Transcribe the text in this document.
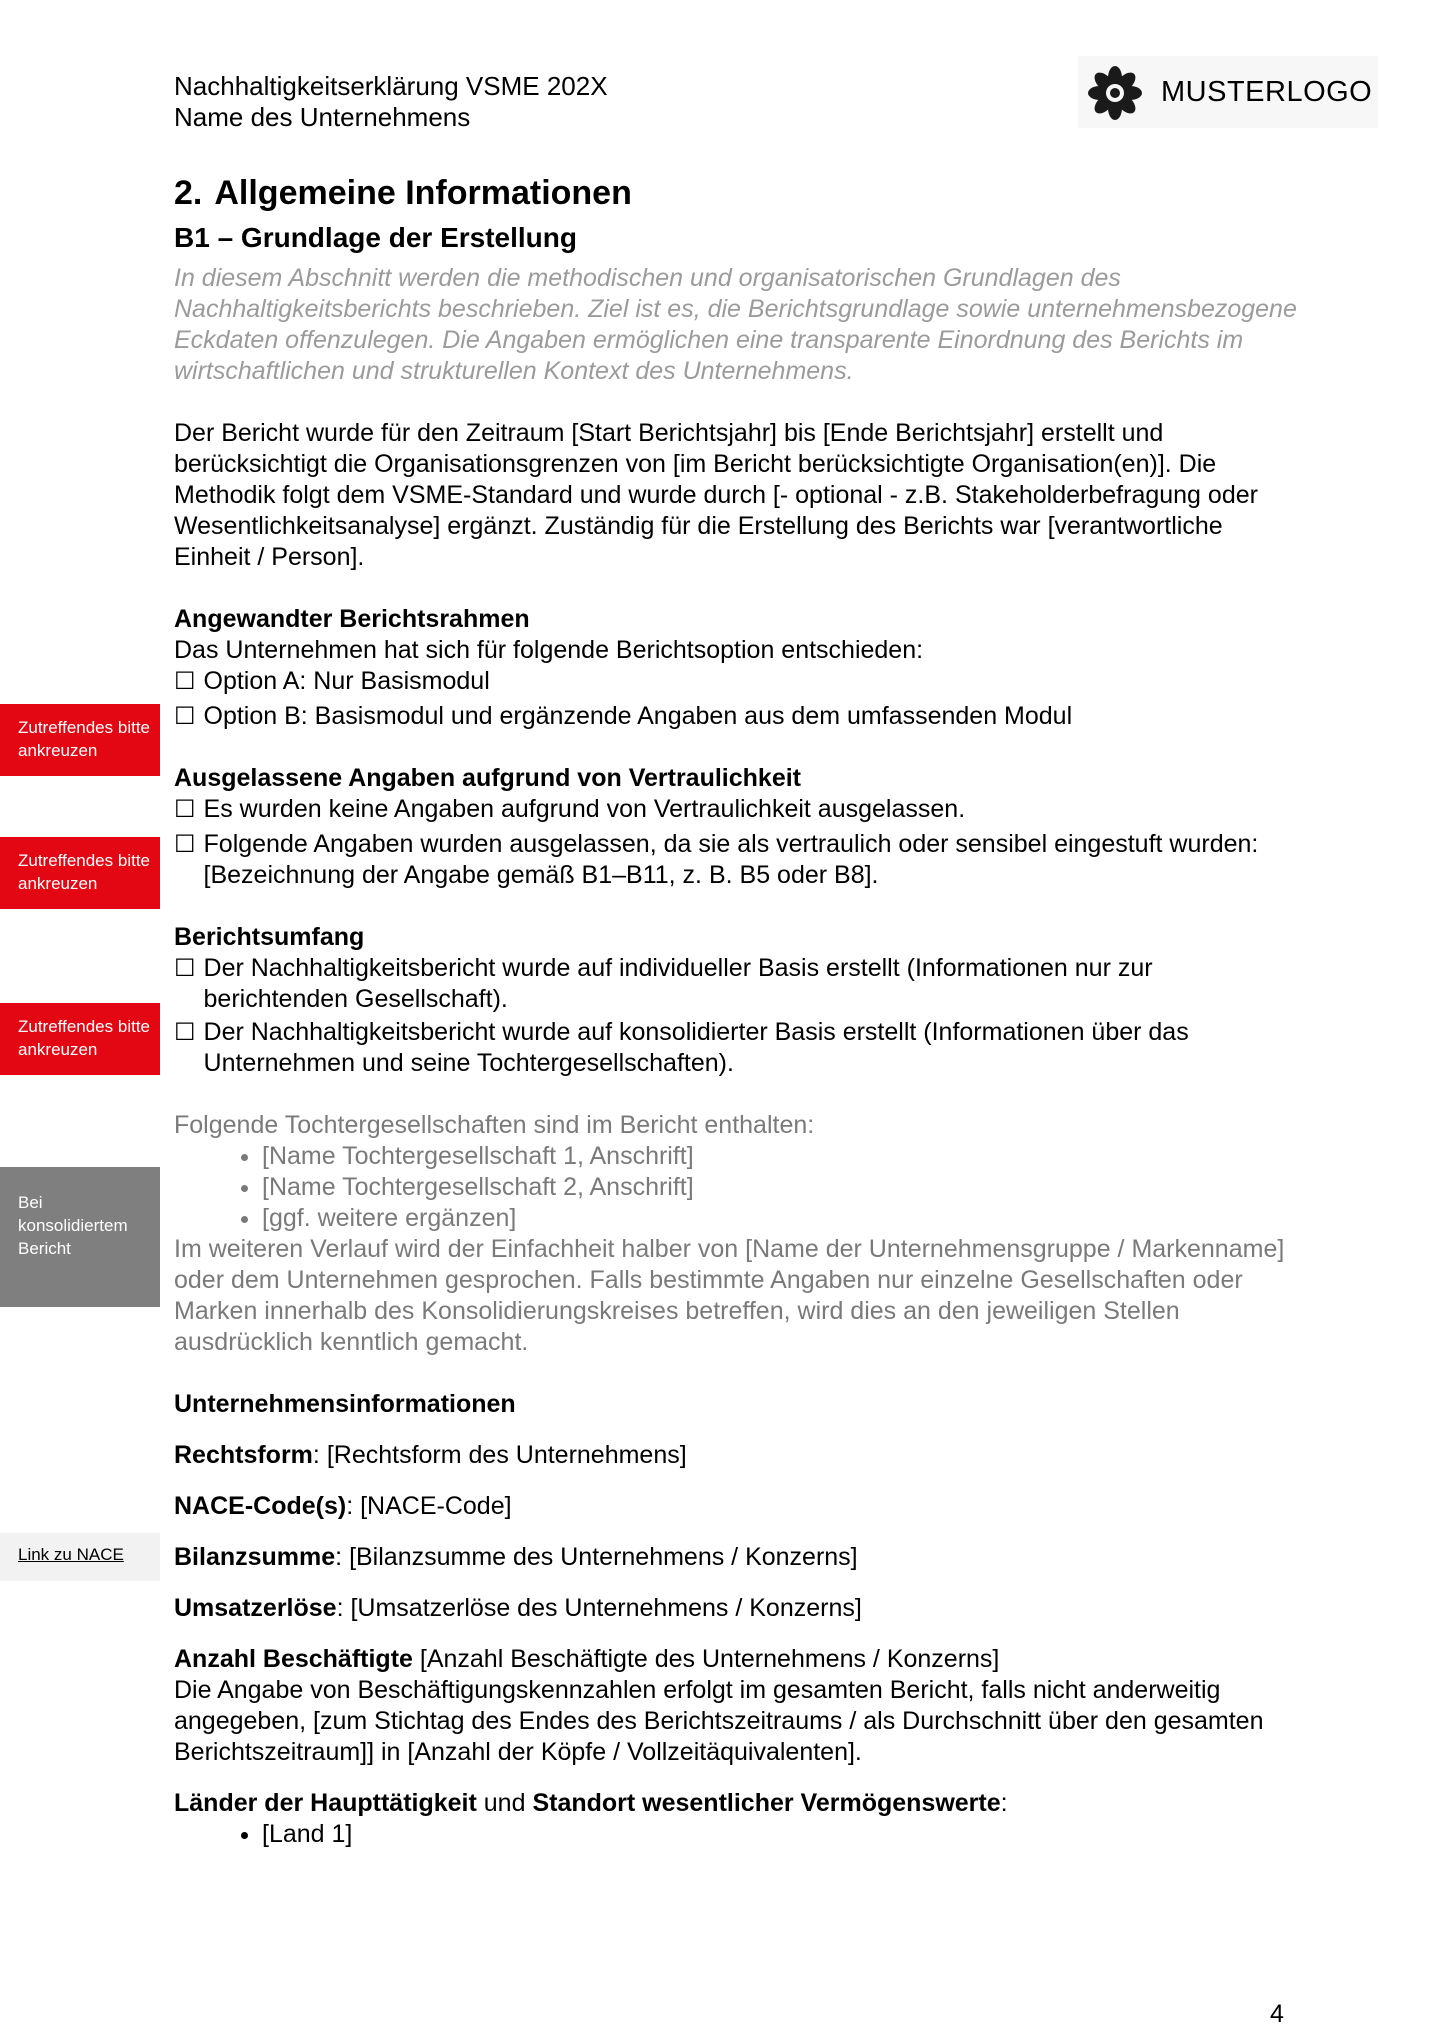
Nachhaltigkeitserklärung VSME 202X
Name des Unternehmens
MUSTERLOGO
Zutreffendes bitte ankreuzen
Zutreffendes bitte ankreuzen
Zutreffendes bitte ankreuzen
Bei konsolidiertem Bericht
Link zu NACE
2. Allgemeine Informationen
B1 – Grundlage der Erstellung

In diesem Abschnitt werden die methodischen und organisatorischen Grundlagen des Nachhaltigkeitsberichts beschrieben. Ziel ist es, die Berichtsgrundlage sowie unternehmensbezogene Eckdaten offenzulegen. Die Angaben ermöglichen eine transparente Einordnung des Berichts im wirtschaftlichen und strukturellen Kontext des Unternehmens.

Der Bericht wurde für den Zeitraum [Start Berichtsjahr] bis [Ende Berichtsjahr] erstellt und berücksichtigt die Organisationsgrenzen von [im Bericht berücksichtigte Organisation(en)]. Die Methodik folgt dem VSME-Standard und wurde durch [- optional - z.B. Stakeholderbefragung oder Wesentlichkeitsanalyse] ergänzt. Zuständig für die Erstellung des Berichts war [verantwortliche Einheit / Person].

Angewandter Berichtsrahmen

Das Unternehmen hat sich für folgende Berichtsoption entschieden:

☐ Option A: Nur Basismodul

☐ Option B: Basismodul und ergänzende Angaben aus dem umfassenden Modul

Ausgelassene Angaben aufgrund von Vertraulichkeit

☐ Es wurden keine Angaben aufgrund von Vertraulichkeit ausgelassen.

☐ Folgende Angaben wurden ausgelassen, da sie als vertraulich oder sensibel eingestuft wurden: [Bezeichnung der Angabe gemäß B1–B11, z. B. B5 oder B8].

Berichtsumfang

☐ Der Nachhaltigkeitsbericht wurde auf individueller Basis erstellt (Informationen nur zur berichtenden Gesellschaft).

☐ Der Nachhaltigkeitsbericht wurde auf konsolidierter Basis erstellt (Informationen über das Unternehmen und seine Tochtergesellschaften).

Folgende Tochtergesellschaften sind im Bericht enthalten:

• [Name Tochtergesellschaft 1, Anschrift]
• [Name Tochtergesellschaft 2, Anschrift]
• [ggf. weitere ergänzen]

Im weiteren Verlauf wird der Einfachheit halber von [Name der Unternehmensgruppe / Markenname] oder dem Unternehmen gesprochen. Falls bestimmte Angaben nur einzelne Gesellschaften oder Marken innerhalb des Konsolidierungskreises betreffen, wird dies an den jeweiligen Stellen ausdrücklich kenntlich gemacht.

Unternehmensinformationen

Rechtsform: [Rechtsform des Unternehmens]

NACE-Code(s): [NACE-Code]

Bilanzsumme: [Bilanzsumme des Unternehmens / Konzerns]

Umsatzerlöse: [Umsatzerlöse des Unternehmens / Konzerns]

Anzahl Beschäftigte [Anzahl Beschäftigte des Unternehmens / Konzerns]

Die Angabe von Beschäftigungskennzahlen erfolgt im gesamten Bericht, falls nicht anderweitig angegeben, [zum Stichtag des Endes des Berichtszeitraums / als Durchschnitt über den gesamten Berichtszeitraum]] in [Anzahl der Köpfe / Vollzeitäquivalenten].

Länder der Haupttätigkeit und Standort wesentlicher Vermögenswerte:

• [Land 1]
4
